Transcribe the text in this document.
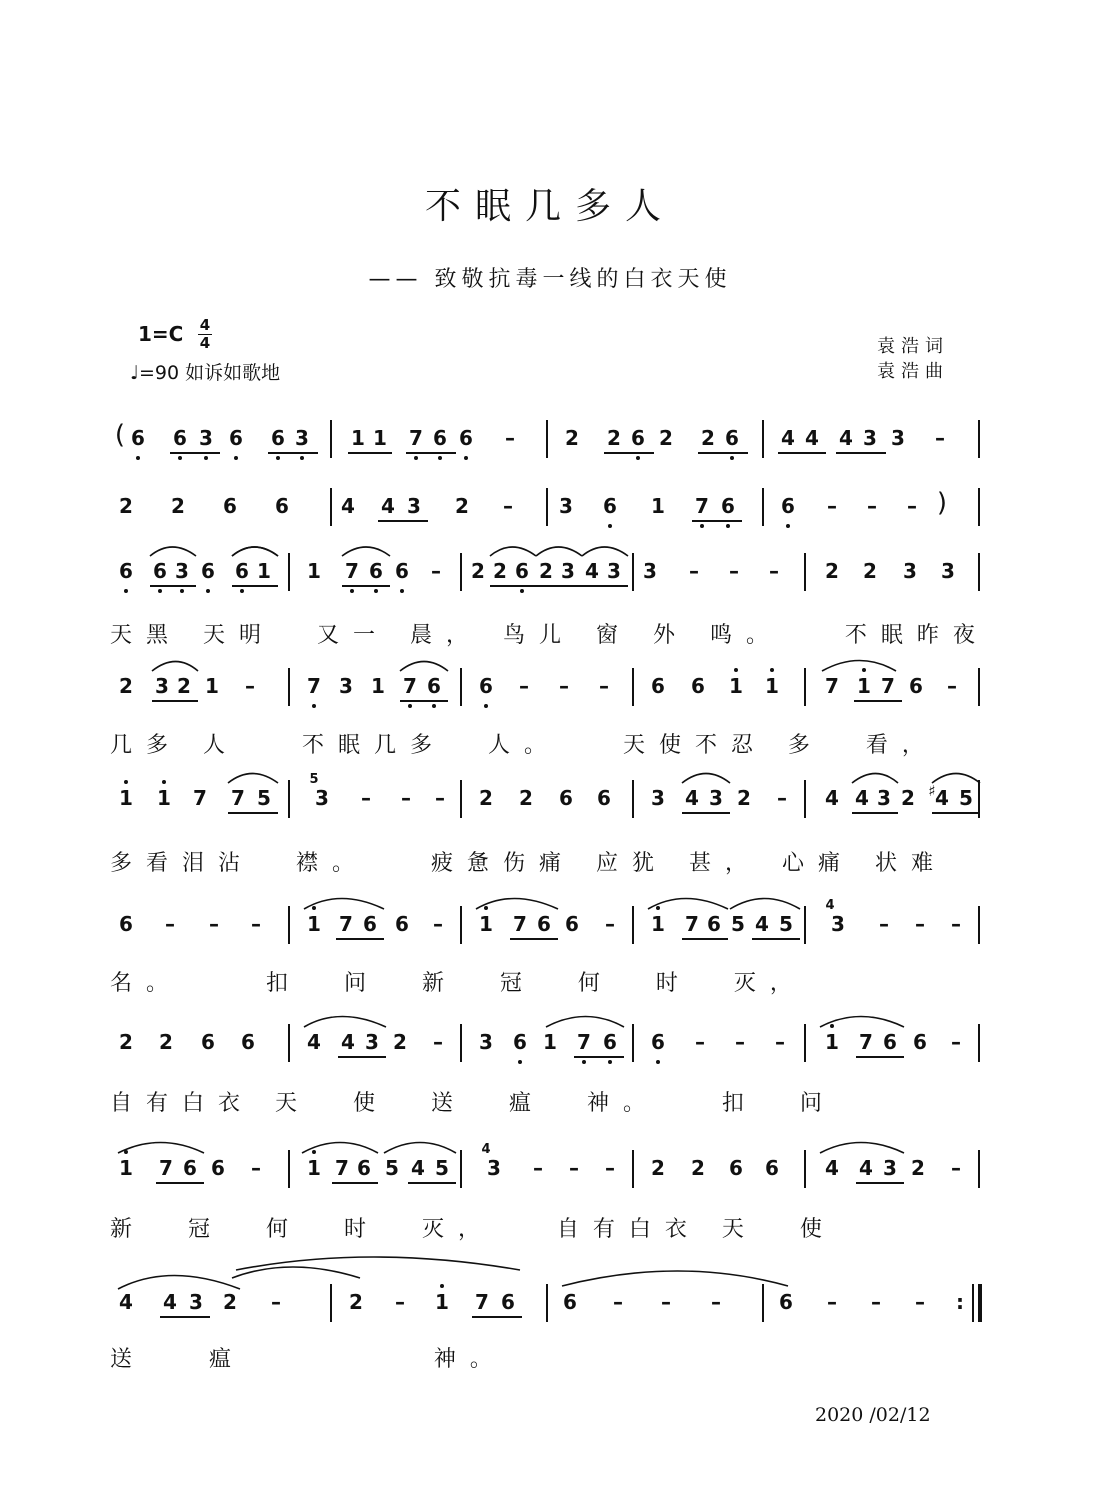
不眠几多人
—— 致敬抗毒一线的白衣天使
1=C 4
4
♩=90 如诉如歌地
袁浩词
袁浩曲
( 6 6 3 6 6 3 1 1 7 6 6 –	2 2 6 2 2 6 4 4 4 3 3 –
2 2 6 6	4 4 3 2 – 3 6 1 7 6 6 – – – )
6 6 3 6 6 1 1 7 6 6 – 2 2 6 2 3 4 3 3 – – – 2 2 3 3
天黑 天明  又一 晨， 鸟儿 窗 外 鸣。   不眠昨夜
2 3 2 1 –	7 3 1 7 6 6 – – – 6 6 1 1 7 1 7 6 –
几多 人   不眠几多  人。   天使不忍 多  看，
1 1 7 7 5
5
3 – – – 2 2 6 6 3 4 3 2 – 4 4 3 2 ♯ 4 5
多看泪沾  襟。   疲惫伤痛 应犹 甚， 心痛 状难
6 – – – 1 7 6 6 – 1 7 6 6 – 1 7 6 5 4 5
4
3 – – –
名。    扣  问  新  冠  何  时  灭，
2 2 6 6	4 4 3 2 – 3 6 1 7 6 6 – – – 1 7 6 6 –
自有白衣 天  使  送  瘟  神。   扣  问
1 7 6 6 – 1 7 6 5 4 5
4
3 – – – 2 2 6 6 4 4 3 2 –
新  冠  何  时  灭，   自有白衣 天  使
4 4 3 2 –	2 – 1 7 6 6 – – –	6 – – –	:
送   瘟         神。
2020 /02/12
